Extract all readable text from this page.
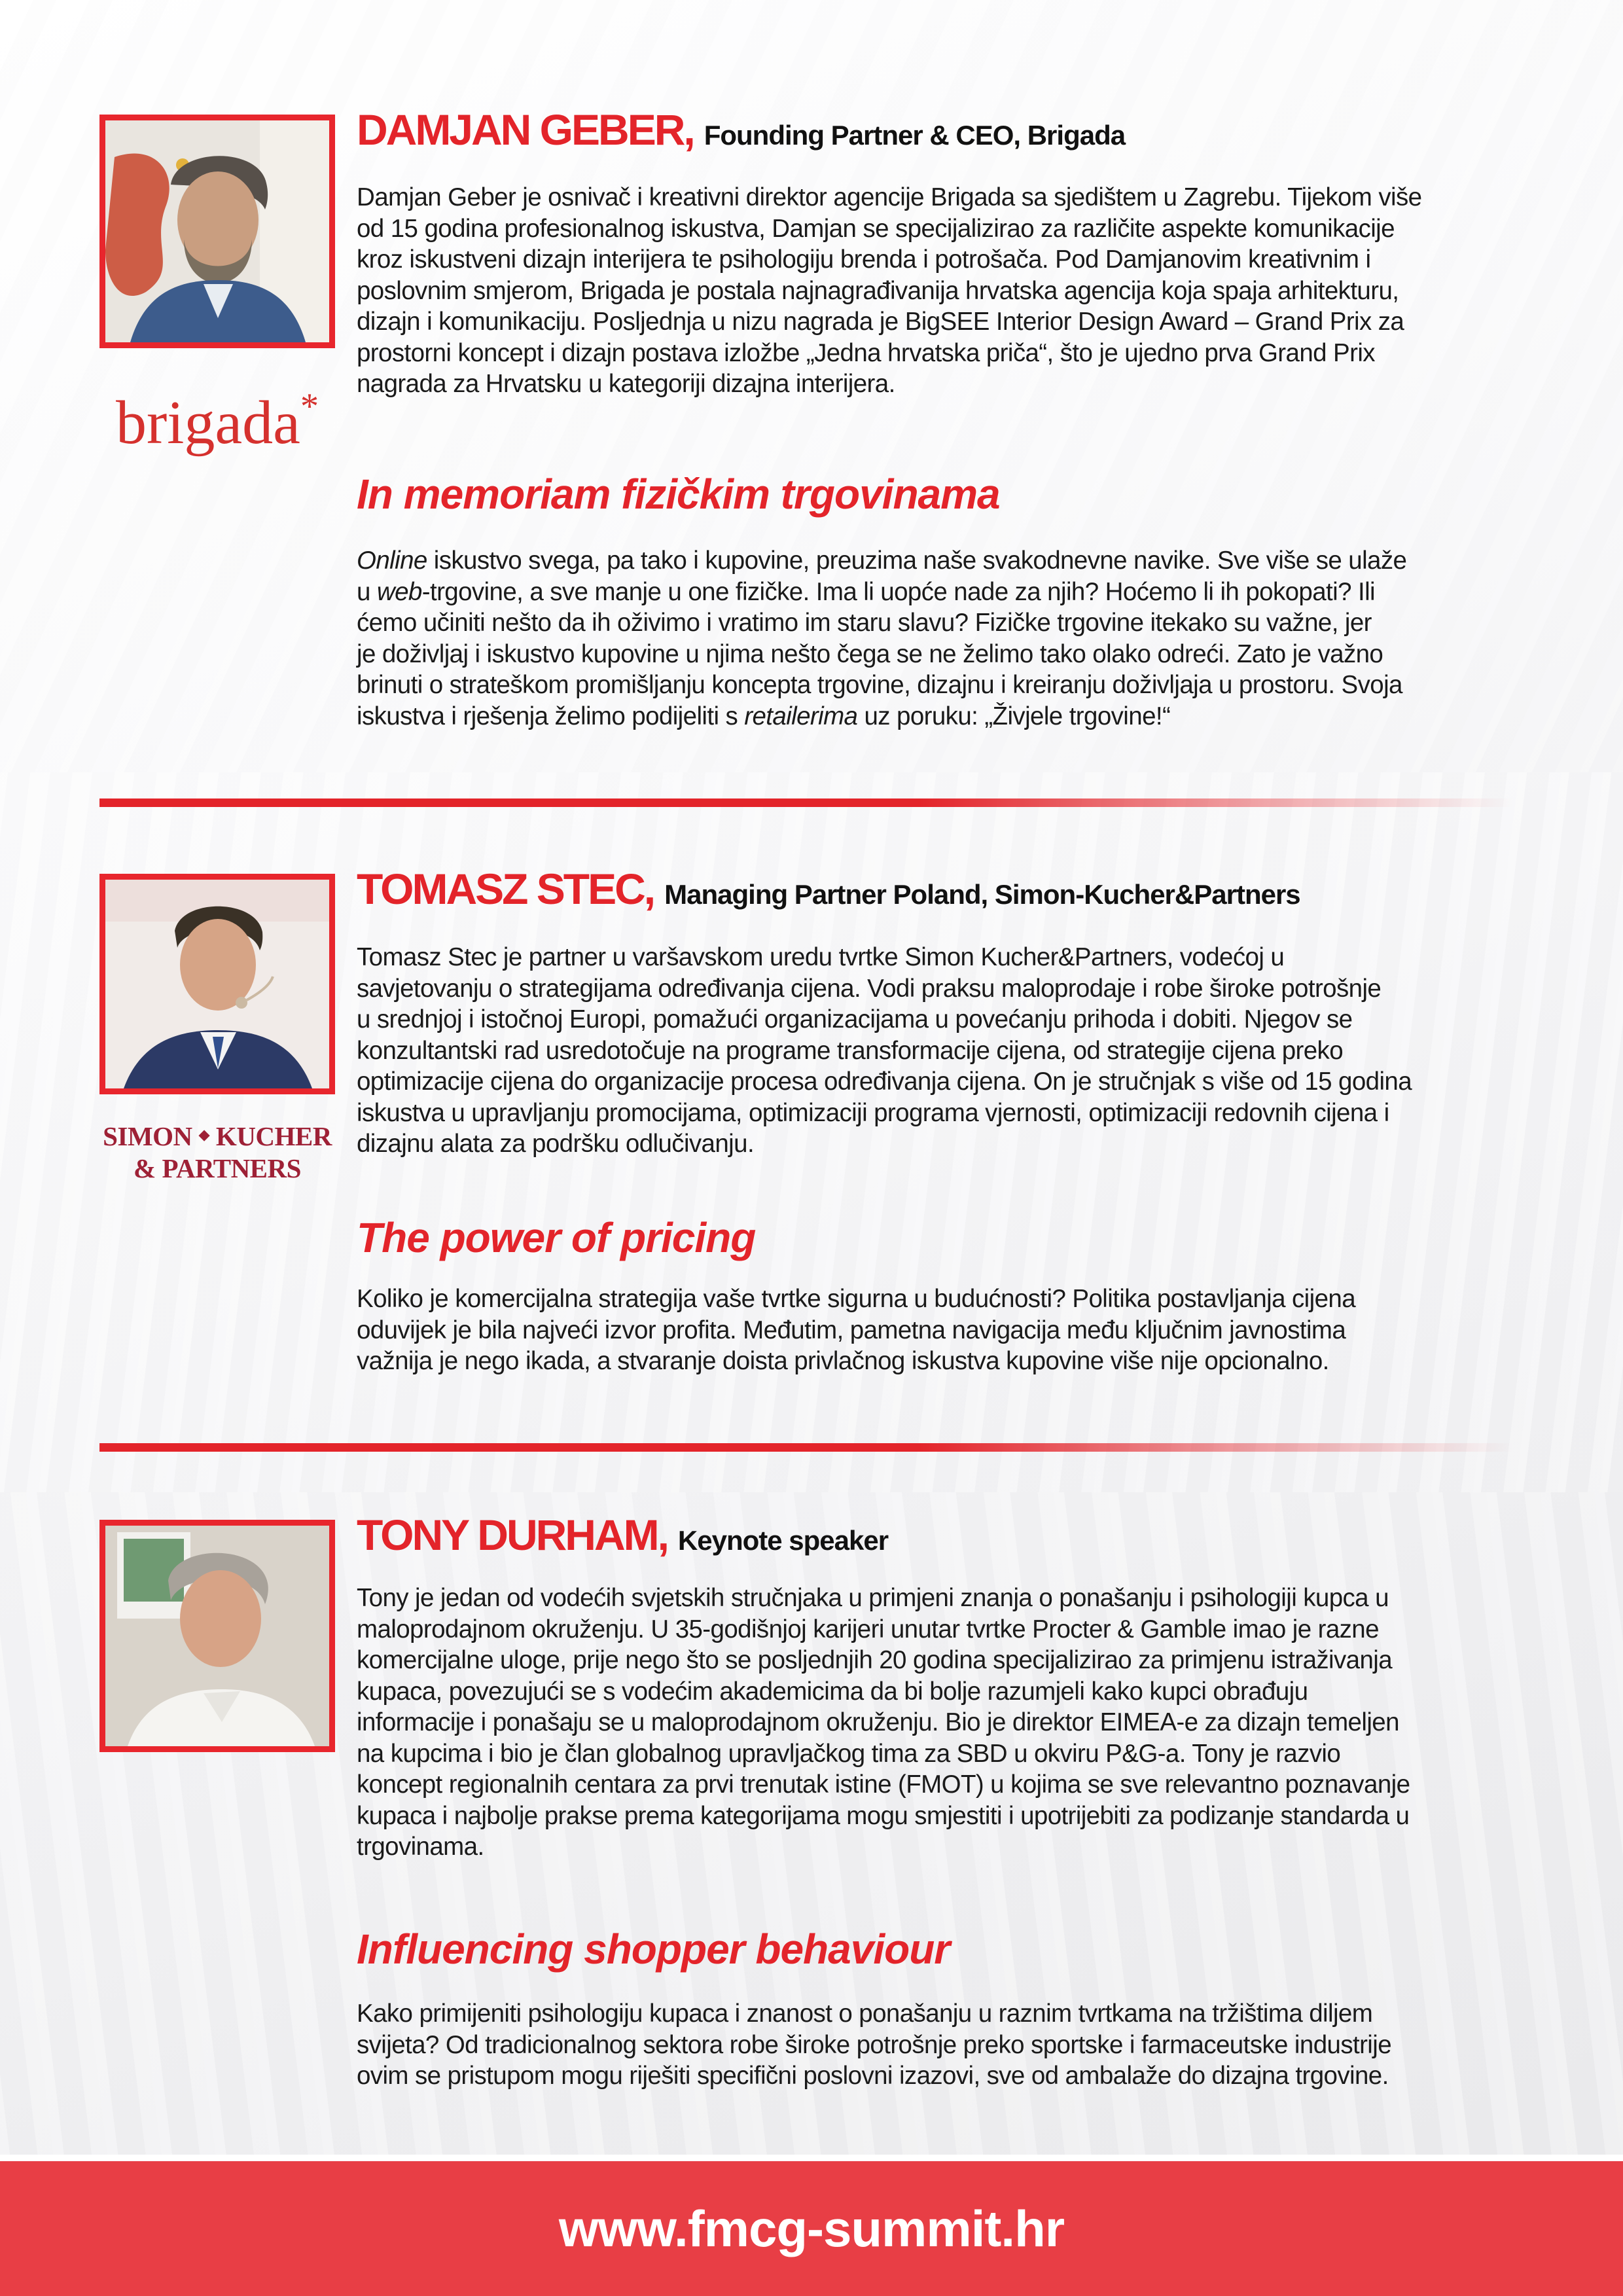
brigada*
DAMJAN GEBER, Founding Partner & CEO, Brigada
Damjan Geber je osnivač i kreativni direktor agencije Brigada sa sjedištem u Zagrebu. Tijekom više
od 15 godina profesionalnog iskustva, Damjan se specijalizirao za različite aspekte komunikacije
kroz iskustveni dizajn interijera te psihologiju brenda i potrošača. Pod Damjanovim kreativnim i
poslovnim smjerom, Brigada je postala najnagrađivanija hrvatska agencija koja spaja arhitekturu,
dizajn i komunikaciju. Posljednja u nizu nagrada je BigSEE Interior Design Award – Grand Prix za
prostorni koncept i dizajn postava izložbe „Jedna hrvatska priča“, što je ujedno prva Grand Prix
nagrada za Hrvatsku u kategoriji dizajna interijera.
In memoriam fizičkim trgovinama
Online iskustvo svega, pa tako i kupovine, preuzima naše svakodnevne navike. Sve više se ulaže
u web-trgovine, a sve manje u one fizičke. Ima li uopće nade za njih? Hoćemo li ih pokopati? Ili
ćemo učiniti nešto da ih oživimo i vratimo im staru slavu? Fizičke trgovine itekako su važne, jer
je doživljaj i iskustvo kupovine u njima nešto čega se ne želimo tako olako odreći. Zato je važno
brinuti o strateškom promišljanju koncepta trgovine, dizajnu i kreiranju doživljaja u prostoru. Svoja
iskustva i rješenja želimo podijeliti s retailerima uz poruku: „Živjele trgovine!“
SIMON ◆ KUCHER
& PARTNERS
TOMASZ STEC, Managing Partner Poland, Simon-Kucher&Partners
Tomasz Stec je partner u varšavskom uredu tvrtke Simon Kucher&Partners, vodećoj u
savjetovanju o strategijama određivanja cijena. Vodi praksu maloprodaje i robe široke potrošnje
u srednjoj i istočnoj Europi, pomažući organizacijama u povećanju prihoda i dobiti. Njegov se
konzultantski rad usredotočuje na programe transformacije cijena, od strategije cijena preko
optimizacije cijena do organizacije procesa određivanja cijena. On je stručnjak s više od 15 godina
iskustva u upravljanju promocijama, optimizaciji programa vjernosti, optimizaciji redovnih cijena i
dizajnu alata za podršku odlučivanju.
The power of pricing
Koliko je komercijalna strategija vaše tvrtke sigurna u budućnosti? Politika postavljanja cijena
oduvijek je bila najveći izvor profita. Međutim, pametna navigacija među ključnim javnostima
važnija je nego ikada, a stvaranje doista privlačnog iskustva kupovine više nije opcionalno.
TONY DURHAM, Keynote speaker
Tony je jedan od vodećih svjetskih stručnjaka u primjeni znanja o ponašanju i psihologiji kupca u
maloprodajnom okruženju. U 35-godišnjoj karijeri unutar tvrtke Procter & Gamble imao je razne
komercijalne uloge, prije nego što se posljednjih 20 godina specijalizirao za primjenu istraživanja
kupaca, povezujući se s vodećim akademicima da bi bolje razumjeli kako kupci obrađuju
informacije i ponašaju se u maloprodajnom okruženju. Bio je direktor EIMEA-e za dizajn temeljen
na kupcima i bio je član globalnog upravljačkog tima za SBD u okviru P&G-a. Tony je razvio
koncept regionalnih centara za prvi trenutak istine (FMOT) u kojima se sve relevantno poznavanje
kupaca i najbolje prakse prema kategorijama mogu smjestiti i upotrijebiti za podizanje standarda u
trgovinama.
Influencing shopper behaviour
Kako primijeniti psihologiju kupaca i znanost o ponašanju u raznim tvrtkama na tržištima diljem
svijeta? Od tradicionalnog sektora robe široke potrošnje preko sportske i farmaceutske industrije
ovim se pristupom mogu riješiti specifični poslovni izazovi, sve od ambalaže do dizajna trgovine.
www.fmcg-summit.hr
